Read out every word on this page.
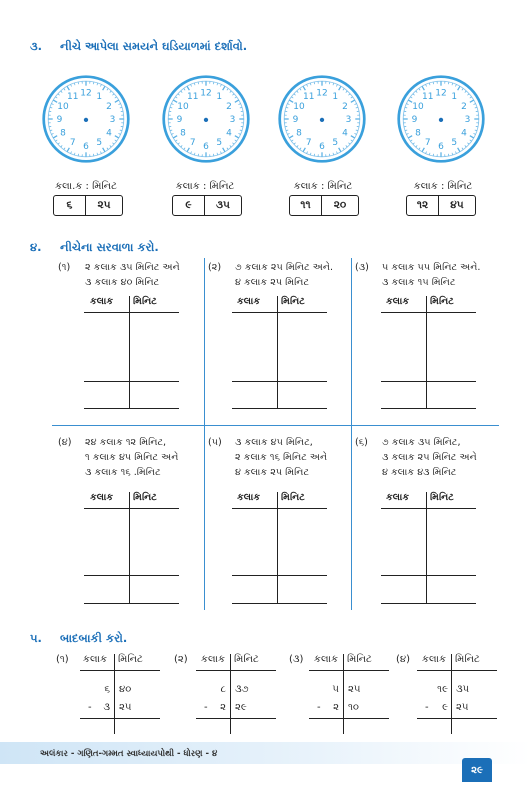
૩. નીચે આપેલા સમયને ઘડિયાળમાં દર્શાવો.
12 1
2
3
4
5
6
7
8
9
10
11	12 1
2
3
4
5
6
7
8
9
10
11	12 1
2
3
4
5
6
7
8
9
10
11	12 1
2
3
4
5
6
7
8
9
10
11
કલા.ક : મિનિટ
૬	૨૫
કલાક : મિનિટ
૯	૩૫
કલાક : મિનિટ
૧૧	૨૦
કલાક : મિનિટ
૧૨	૪૫
૪. નીચેના સરવાળા કરો.
(૧) ૨ કલાક ૩૫ મિનિટ અને
૩ કલાક ૪૦ મિનિટ
(૨) ૭ કલાક ૨૫ મિનિટ અને.
૪ કલાક ૨૫ મિનિટ
(૩) ૫ કલાક ૫૫ મિનિટ અને.
૩ કલાક ૧૫ મિનિટ
(૪) ૨૪ કલાક ૧૨ મિનિટ,
૧ કલાક ૪૫ મિનિટ અને
૩ કલાક ૧૬ .મિનિટ
(૫) ૩ કલાક ૪૫ મિનિટ,
૨ કલાક ૧૬ મિનિટ અને
૪ કલાક ૨૫ મિનિટ
(૬) ૭ કલાક ૩૫ મિનિટ,
૩ કલાક ૨૫ મિનિટ અને
૪ કલાક ૪૩ મિનિટ
કલાક મિનિટ	કલાક મિનિટ	કલાક મિનિટ
કલાક મિનિટ	કલાક મિનિટ	કલાક મિનિટ
૫. બાદબાકી કરો.
(૧) કલાક મિનિટ
૬ ૪૦
-	૩ ૨૫
(૨) કલાક મિનિટ
૮ ૩૭
-	૨ ૨૯
(૩) કલાક મિનિટ
૫ ૨૫
-	૨ ૧૦
(૪) કલાક મિનિટ
૧૯ ૩૫
-	૯ ૨૫
અલંકાર - ગણિત-ગમ્મત સ્વાધ્યાયપોથી - ધોરણ - ૪
૨૯
